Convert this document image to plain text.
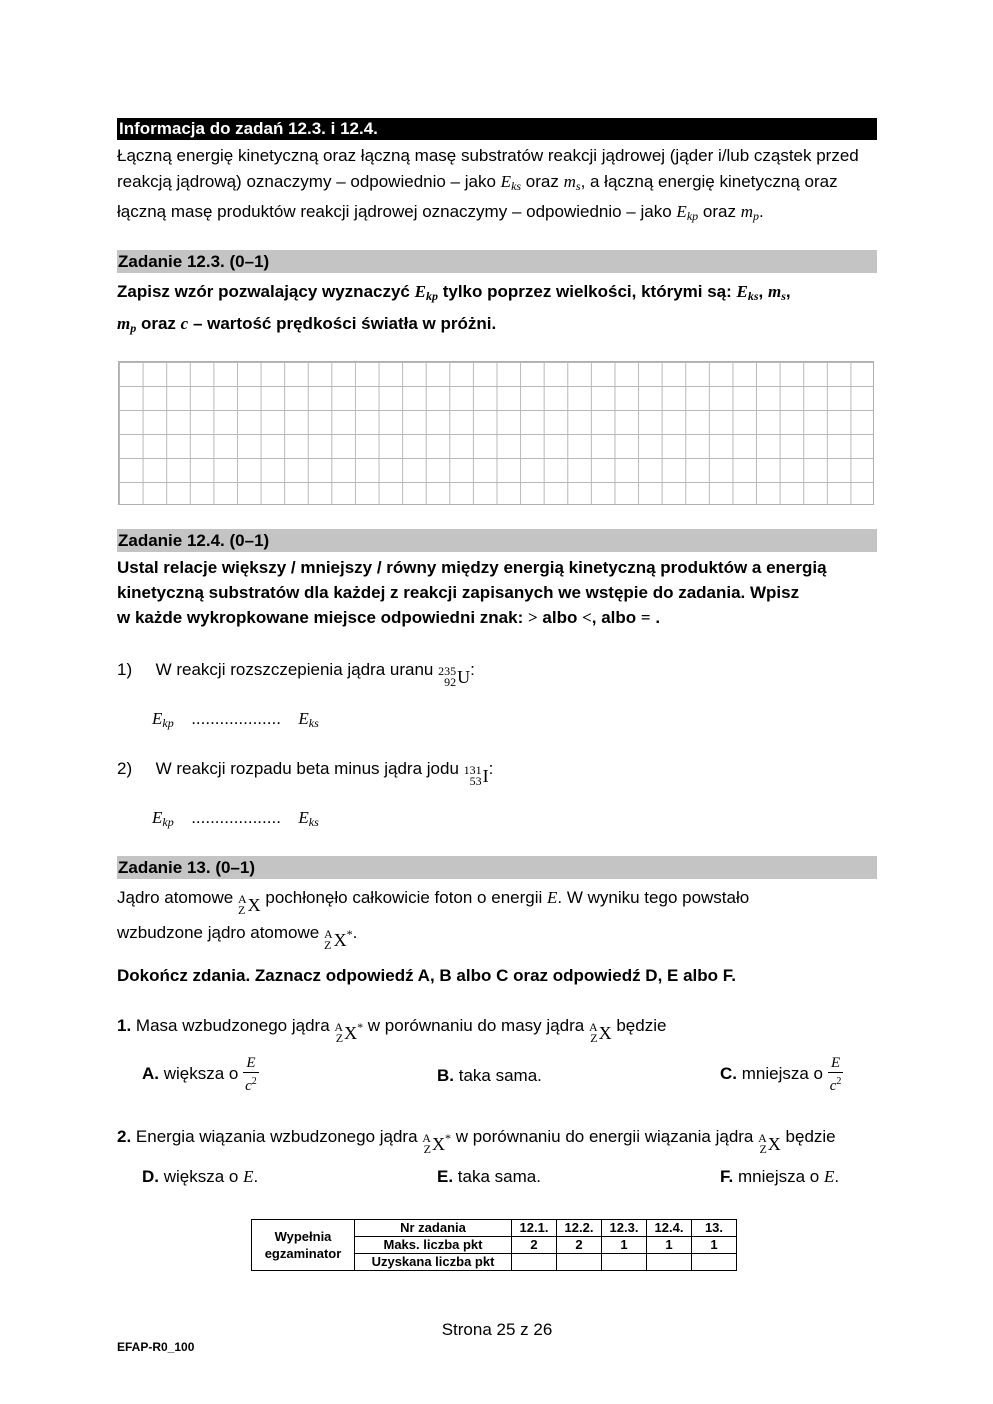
Informacja do zadań 12.3. i 12.4.
Łączną energię kinetyczną oraz łączną masę substratów reakcji jądrowej (jąder i/lub cząstek przed
reakcją jądrową) oznaczymy – odpowiednio – jako $E_{ks}$ oraz $m_s$, a łączną energię kinetyczną oraz
łączną masę produktów reakcji jądrowej oznaczymy – odpowiednio – jako $E_{kp}$ oraz $m_p$.
Zadanie 12.3. (0–1)
Zapisz wzór pozwalający wyznaczyć $E_{kp}$ tylko poprzez wielkości, którymi są: $E_{ks}$, $m_s$,
$m_p$ oraz c – wartość prędkości światła w próżni.
Zadanie 12.4. (0–1)
Ustal relacje większy / mniejszy / równy między energią kinetyczną produktów a energią
kinetyczną substratów dla każdej z reakcji zapisanych we wstępie do zadania. Wpisz
w każde wykropkowane miejsce odpowiedni znak: > albo <, albo = .
1) W reakcji rozszczepienia jądra uranu 235
92 U :
$E_{kp}$ ................... $E_{ks}$
2) W reakcji rozpadu beta minus jądra jodu 131
53 I :
$E_{kp}$ ................... $E_{ks}$
Zadanie 13. (0–1)
Jądro atomowe A
Z X pochłonęło całkowicie foton o energii E. W wyniku tego powstało
wzbudzone jądro atomowe A
Z X * .
Dokończ zdania. Zaznacz odpowiedź A, B albo C oraz odpowiedź D, E albo F.
1. Masa wzbudzonego jądra A
Z X * w porównaniu do masy jądra A
Z X będzie
A. większa o $\frac{E}{c^2}$	B. taka sama.	C. mniejsza o $\frac{E}{c^2}$
2. Energia wiązania wzbudzonego jądra A
Z X * w porównaniu do energii wiązania jądra A
Z X będzie
D. większa o E.	E. taka sama.	F. mniejsza o E.
Wypełnia
egzaminator	Nr zadania	12.1.	12.2.	12.3.	12.4.	13.
	Maks. liczba pkt	2	2	1	1	1
	Uzyskana liczba pkt					
Strona 25 z 26
EFAP-R0_100
